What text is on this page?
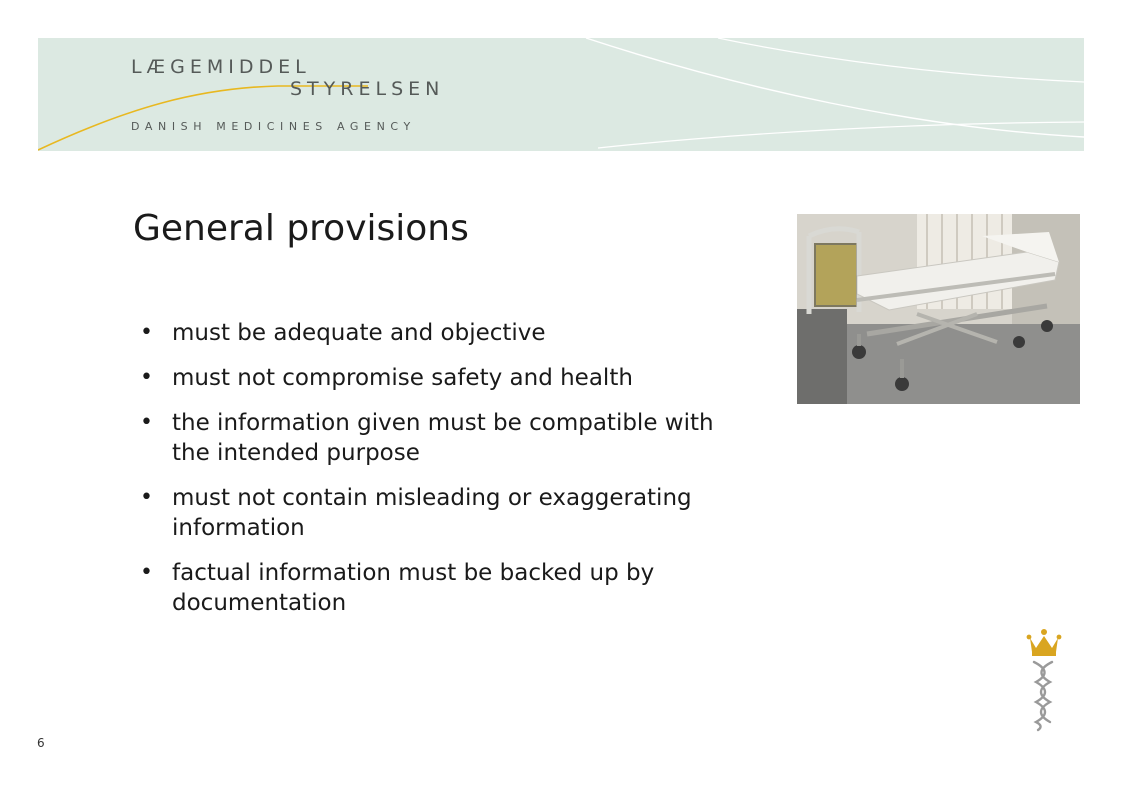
LÆGEMIDDEL
STYRELSEN
DANISH MEDICINES AGENCY
General provisions
• must be adequate and objective
• must not compromise safety and health
• the information given must be compatible with the intended purpose
• must not contain misleading or exaggerating information
• factual information must be backed up by documentation
6
